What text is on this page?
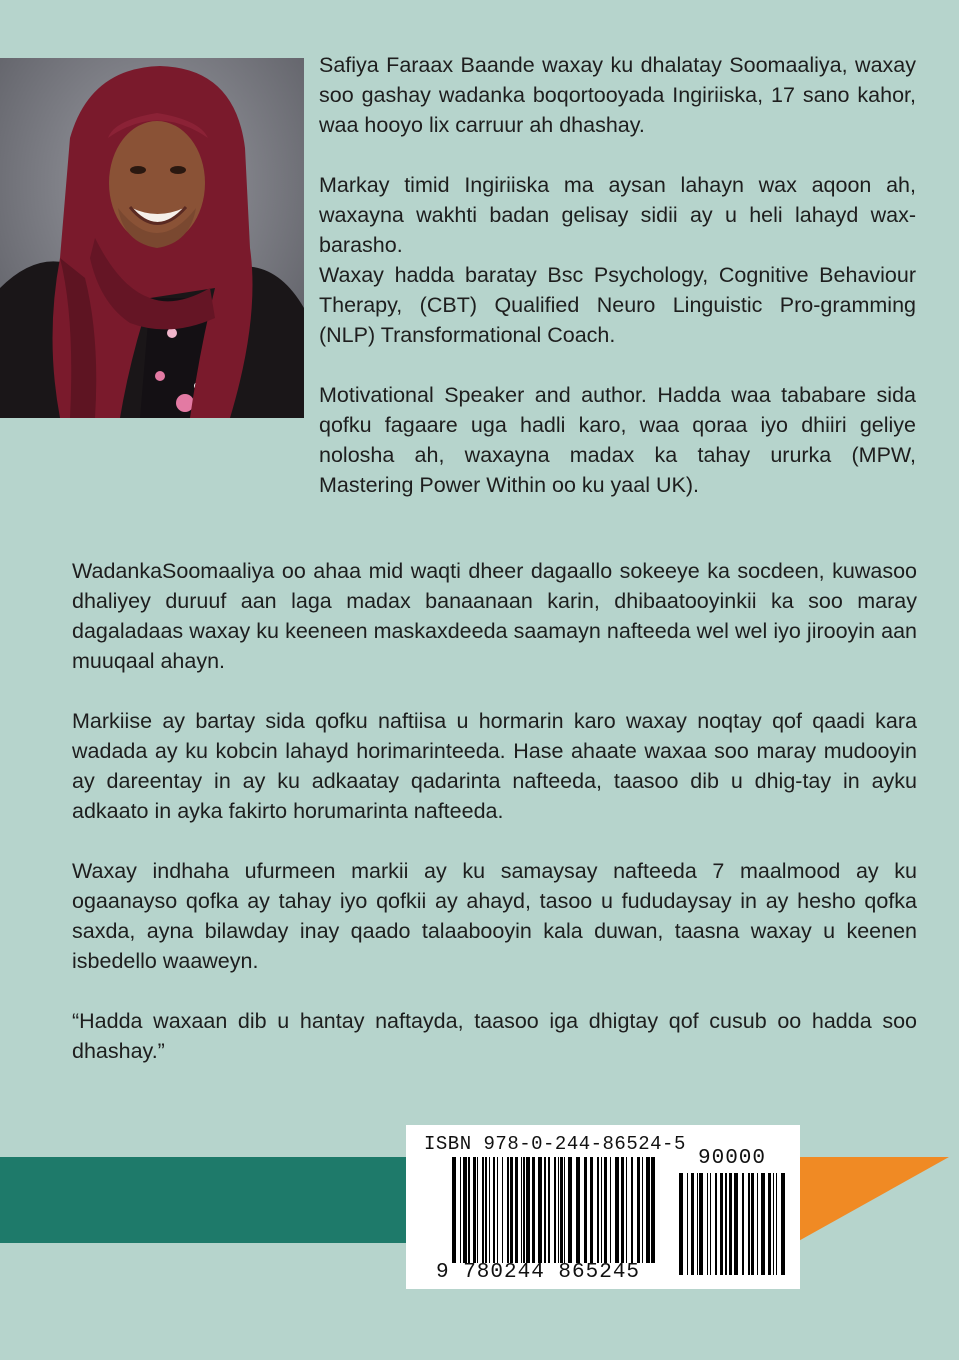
Safiya Faraax Baande waxay ku dhalatay Soomaaliya, waxay soo gashay wadanka boqortooyada Ingiriiska, 17 sano kahor, waa hooyo lix carruur ah dhashay.

Markay timid Ingiriiska ma aysan lahayn wax aqoon ah, waxayna wakhti badan gelisay sidii ay u heli lahayd wax-barasho.

Waxay hadda baratay Bsc Psychology, Cognitive Behaviour Therapy, (CBT) Qualified Neuro Linguistic Pro-gramming (NLP) Transformational Coach.

Motivational Speaker and author. Hadda waa tababare sida qofku fagaare uga hadli karo, waa qoraa iyo dhiiri geliye nolosha ah, waxayna madax ka tahay ururka (MPW, Mastering Power Within oo ku yaal UK).

WadankaSoomaaliya oo ahaa mid waqti dheer dagaallo sokeeye ka socdeen, kuwasoo dhaliyey duruuf aan laga madax banaanaan karin, dhibaatooyinkii ka soo maray dagaladaas waxay ku keeneen maskaxdeeda saamayn nafteeda wel wel iyo jirooyin aan muuqaal ahayn.

Markiise ay bartay sida qofku naftiisa u hormarin karo waxay noqtay qof qaadi kara wadada ay ku kobcin lahayd horimarinteeda. Hase ahaate waxaa soo maray mudooyin ay dareentay in ay ku adkaatay qadarinta nafteeda, taasoo dib u dhig-tay in ayku adkaato in ayka fakirto horumarinta nafteeda.

Waxay indhaha ufurmeen markii ay ku samaysay nafteeda 7 maalmood ay ku ogaanayso qofka ay tahay iyo qofkii ay ahayd, tasoo u fududaysay in ay hesho qofka saxda, ayna bilawday inay qaado talaabooyin kala duwan, taasna waxay u keenen isbedello waaweyn.

“Hadda waxaan dib u hantay naftayda, taasoo iga dhigtay qof cusub oo hadda soo dhashay.”

ISBN 978-0-244-86524-5
90000
9 780244 865245
